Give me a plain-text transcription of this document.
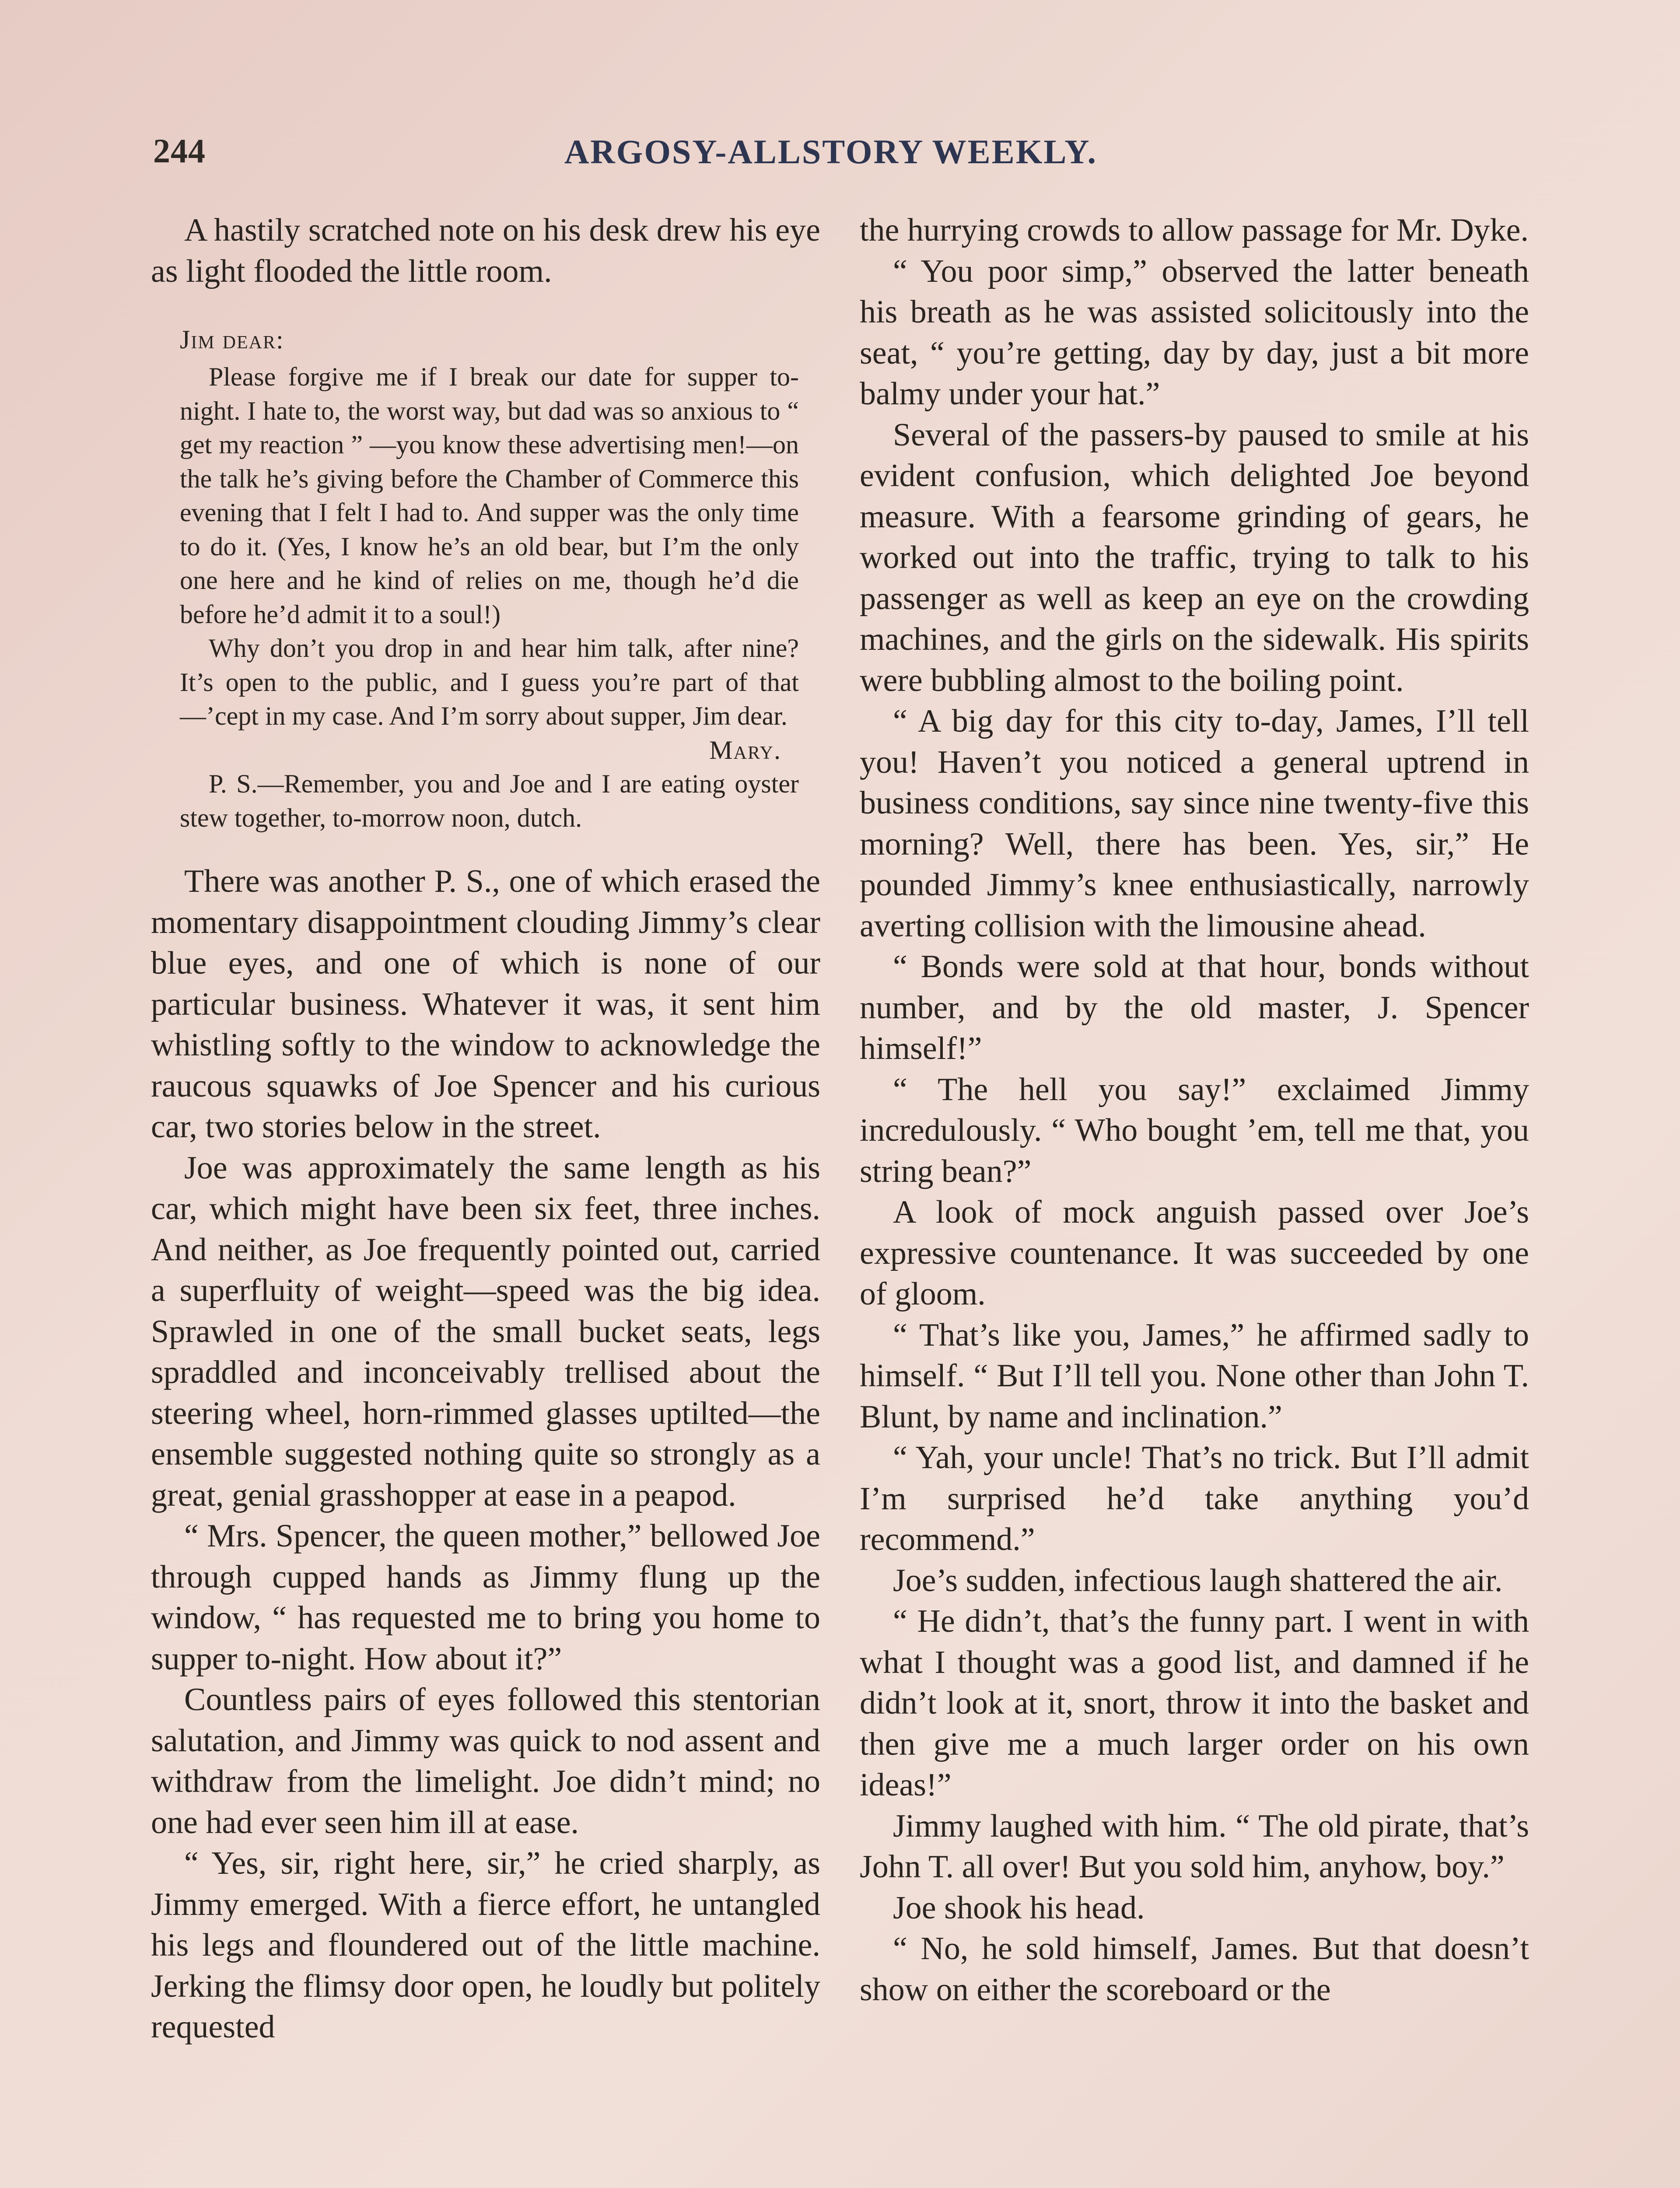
244	ARGOSY-ALLSTORY WEEKLY.

A hastily scratched note on his desk drew his eye as light flooded the little room.

Jim dear:

Please forgive me if I break our date for supper to-night. I hate to, the worst way, but dad was so anxious to “ get my reaction ” —you know these advertising men!—on the talk he’s giving before the Chamber of Commerce this evening that I felt I had to. And supper was the only time to do it. (Yes, I know he’s an old bear, but I’m the only one here and he kind of relies on me, though he’d die before he’d admit it to a soul!)

Why don’t you drop in and hear him talk, after nine? It’s open to the public, and I guess you’re part of that—’cept in my case. And I’m sorry about supper, Jim dear.

Mary.

P. S.—Remember, you and Joe and I are eating oyster stew together, to-morrow noon, dutch.

There was another P. S., one of which erased the momentary disappointment clouding Jimmy’s clear blue eyes, and one of which is none of our particular business. Whatever it was, it sent him whistling softly to the window to acknowledge the raucous squawks of Joe Spencer and his curious car, two stories below in the street.

Joe was approximately the same length as his car, which might have been six feet, three inches. And neither, as Joe frequently pointed out, carried a superfluity of weight—speed was the big idea. Sprawled in one of the small bucket seats, legs spraddled and inconceivably trellised about the steering wheel, horn-rimmed glasses uptilted—the ensemble suggested nothing quite so strongly as a great, genial grasshopper at ease in a peapod.

“ Mrs. Spencer, the queen mother,” bellowed Joe through cupped hands as Jimmy flung up the window, “ has requested me to bring you home to supper to-night. How about it?”

Countless pairs of eyes followed this stentorian salutation, and Jimmy was quick to nod assent and withdraw from the limelight. Joe didn’t mind; no one had ever seen him ill at ease.

“ Yes, sir, right here, sir,” he cried sharply, as Jimmy emerged. With a fierce effort, he untangled his legs and floundered out of the little machine. Jerking the flimsy door open, he loudly but politely requested

the hurrying crowds to allow passage for Mr. Dyke.

“ You poor simp,” observed the latter beneath his breath as he was assisted solicitously into the seat, “ you’re getting, day by day, just a bit more balmy under your hat.”

Several of the passers-by paused to smile at his evident confusion, which delighted Joe beyond measure. With a fearsome grinding of gears, he worked out into the traffic, trying to talk to his passenger as well as keep an eye on the crowding machines, and the girls on the sidewalk. His spirits were bubbling almost to the boiling point.

“ A big day for this city to-day, James, I’ll tell you! Haven’t you noticed a general uptrend in business conditions, say since nine twenty-five this morning? Well, there has been. Yes, sir,” He pounded Jimmy’s knee enthusiastically, narrowly averting collision with the limousine ahead.

“ Bonds were sold at that hour, bonds without number, and by the old master, J. Spencer himself!”

“ The hell you say!” exclaimed Jimmy incredulously. “ Who bought ’em, tell me that, you string bean?”

A look of mock anguish passed over Joe’s expressive countenance. It was succeeded by one of gloom.

“ That’s like you, James,” he affirmed sadly to himself. “ But I’ll tell you. None other than John T. Blunt, by name and inclination.”

“ Yah, your uncle! That’s no trick. But I’ll admit I’m surprised he’d take anything you’d recommend.”

Joe’s sudden, infectious laugh shattered the air.

“ He didn’t, that’s the funny part. I went in with what I thought was a good list, and damned if he didn’t look at it, snort, throw it into the basket and then give me a much larger order on his own ideas!”

Jimmy laughed with him. “ The old pirate, that’s John T. all over! But you sold him, anyhow, boy.”

Joe shook his head.

“ No, he sold himself, James. But that doesn’t show on either the scoreboard or the
